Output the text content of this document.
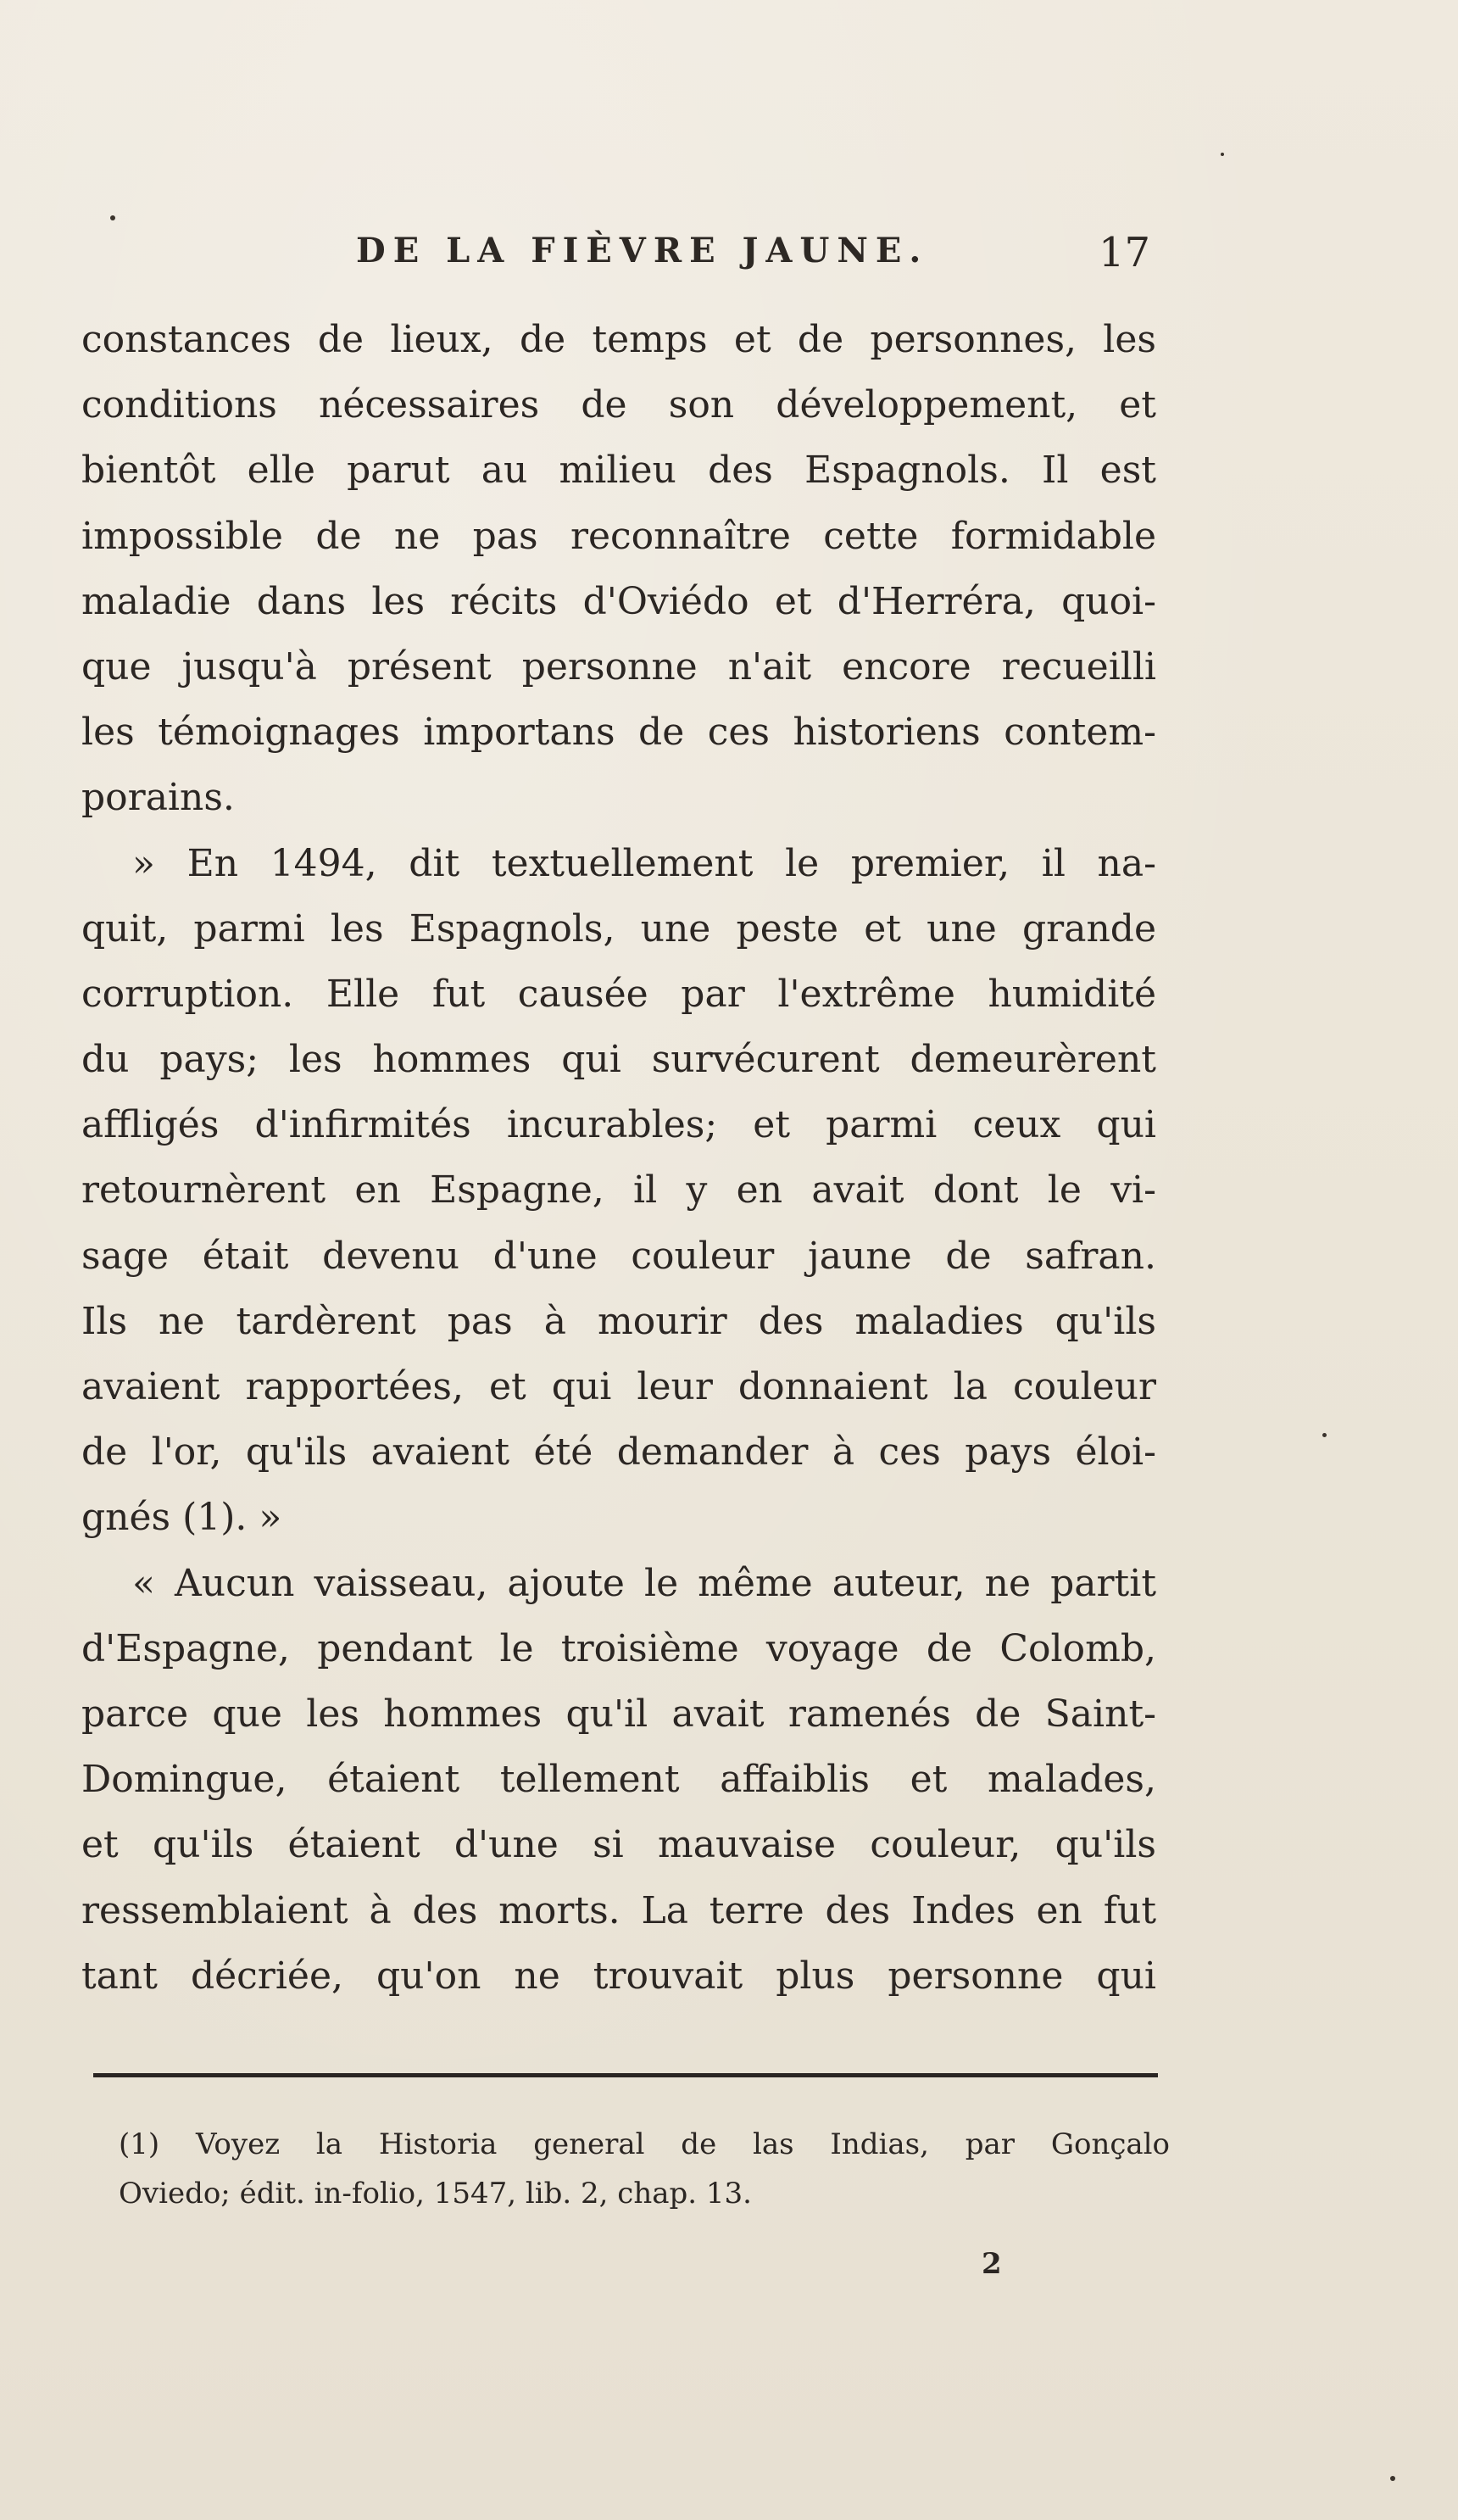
DE LA FIÈVRE JAUNE.	17
constances de lieux, de temps et de personnes, les
conditions nécessaires de son développement, et
bientôt elle parut au milieu des Espagnols. Il est
impossible de ne pas reconnaître cette formidable
maladie dans les récits d'Oviédo et d'Herréra, quoi-
que jusqu'à présent personne n'ait encore recueilli
les témoignages importans de ces historiens contem-
porains.
» En 1494, dit textuellement le premier, il na-
quit, parmi les Espagnols, une peste et une grande
corruption. Elle fut causée par l'extrême humidité
du pays; les hommes qui survécurent demeurèrent
affligés d'infirmités incurables; et parmi ceux qui
retournèrent en Espagne, il y en avait dont le vi-
sage était devenu d'une couleur jaune de safran.
Ils ne tardèrent pas à mourir des maladies qu'ils
avaient rapportées, et qui leur donnaient la couleur
de l'or, qu'ils avaient été demander à ces pays éloi-
gnés (1). »
« Aucun vaisseau, ajoute le même auteur, ne partit
d'Espagne, pendant le troisième voyage de Colomb,
parce que les hommes qu'il avait ramenés de Saint-
Domingue, étaient tellement affaiblis et malades,
et qu'ils étaient d'une si mauvaise couleur, qu'ils
ressemblaient à des morts. La terre des Indes en fut
tant décriée, qu'on ne trouvait plus personne qui
(1) Voyez la Historia general de las Indias, par Gonçalo
Oviedo; édit. in-folio, 1547, lib. 2, chap. 13.
2
